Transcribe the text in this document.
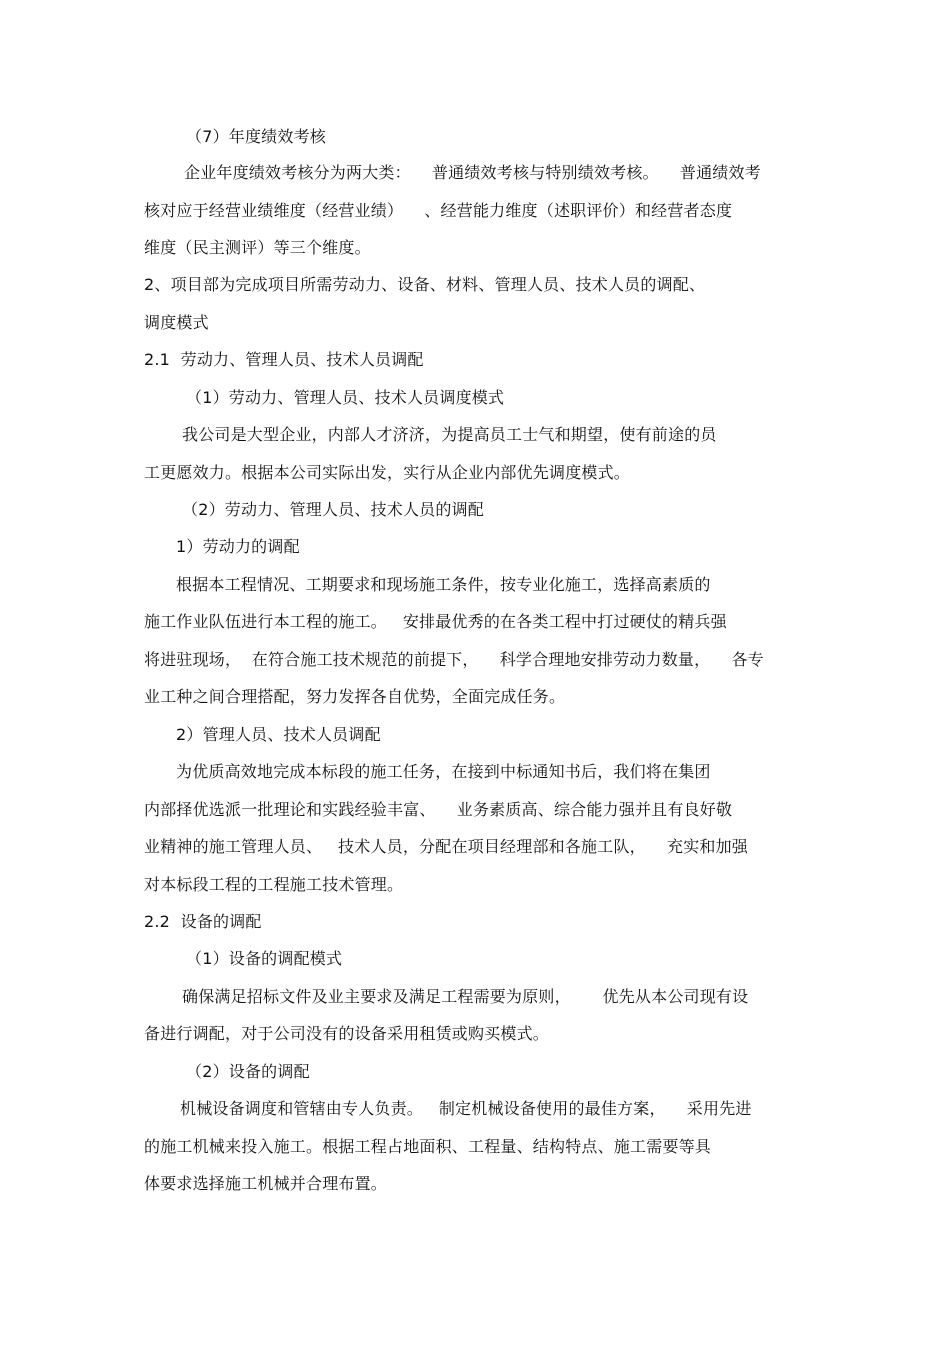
（7）年度绩效考核
企业年度绩效考核分为两大类：    普通绩效考核与特别绩效考核。    普通绩效考
核对应于经营业绩维度（经营业绩）    、经营能力维度（述职评价）和经营者态度
维度（民主测评）等三个维度。
2、项目部为完成项目所需劳动力、设备、材料、管理人员、技术人员的调配、
调度模式
2.1  劳动力、管理人员、技术人员调配
（1）劳动力、管理人员、技术人员调度模式
我公司是大型企业，内部人才济济，为提高员工士气和期望，使有前途的员
工更愿效力。根据本公司实际出发，实行从企业内部优先调度模式。
（2）劳动力、管理人员、技术人员的调配
1）劳动力的调配
根据本工程情况、工期要求和现场施工条件，按专业化施工，选择高素质的
施工作业队伍进行本工程的施工。   安排最优秀的在各类工程中打过硬仗的精兵强
将进驻现场，  在符合施工技术规范的前提下，    科学合理地安排劳动力数量，    各专
业工种之间合理搭配，努力发挥各自优势，全面完成任务。
2）管理人员、技术人员调配
为优质高效地完成本标段的施工任务，在接到中标通知书后，我们将在集团
内部择优选派一批理论和实践经验丰富、    业务素质高、综合能力强并且有良好敬
业精神的施工管理人员、   技术人员，分配在项目经理部和各施工队，    充实和加强
对本标段工程的工程施工技术管理。
2.2  设备的调配
（1）设备的调配模式
确保满足招标文件及业主要求及满足工程需要为原则，      优先从本公司现有设
备进行调配，对于公司没有的设备采用租赁或购买模式。
（2）设备的调配
机械设备调度和管辖由专人负责。   制定机械设备使用的最佳方案，    采用先进
的施工机械来投入施工。根据工程占地面积、工程量、结构特点、施工需要等具
体要求选择施工机械并合理布置。
